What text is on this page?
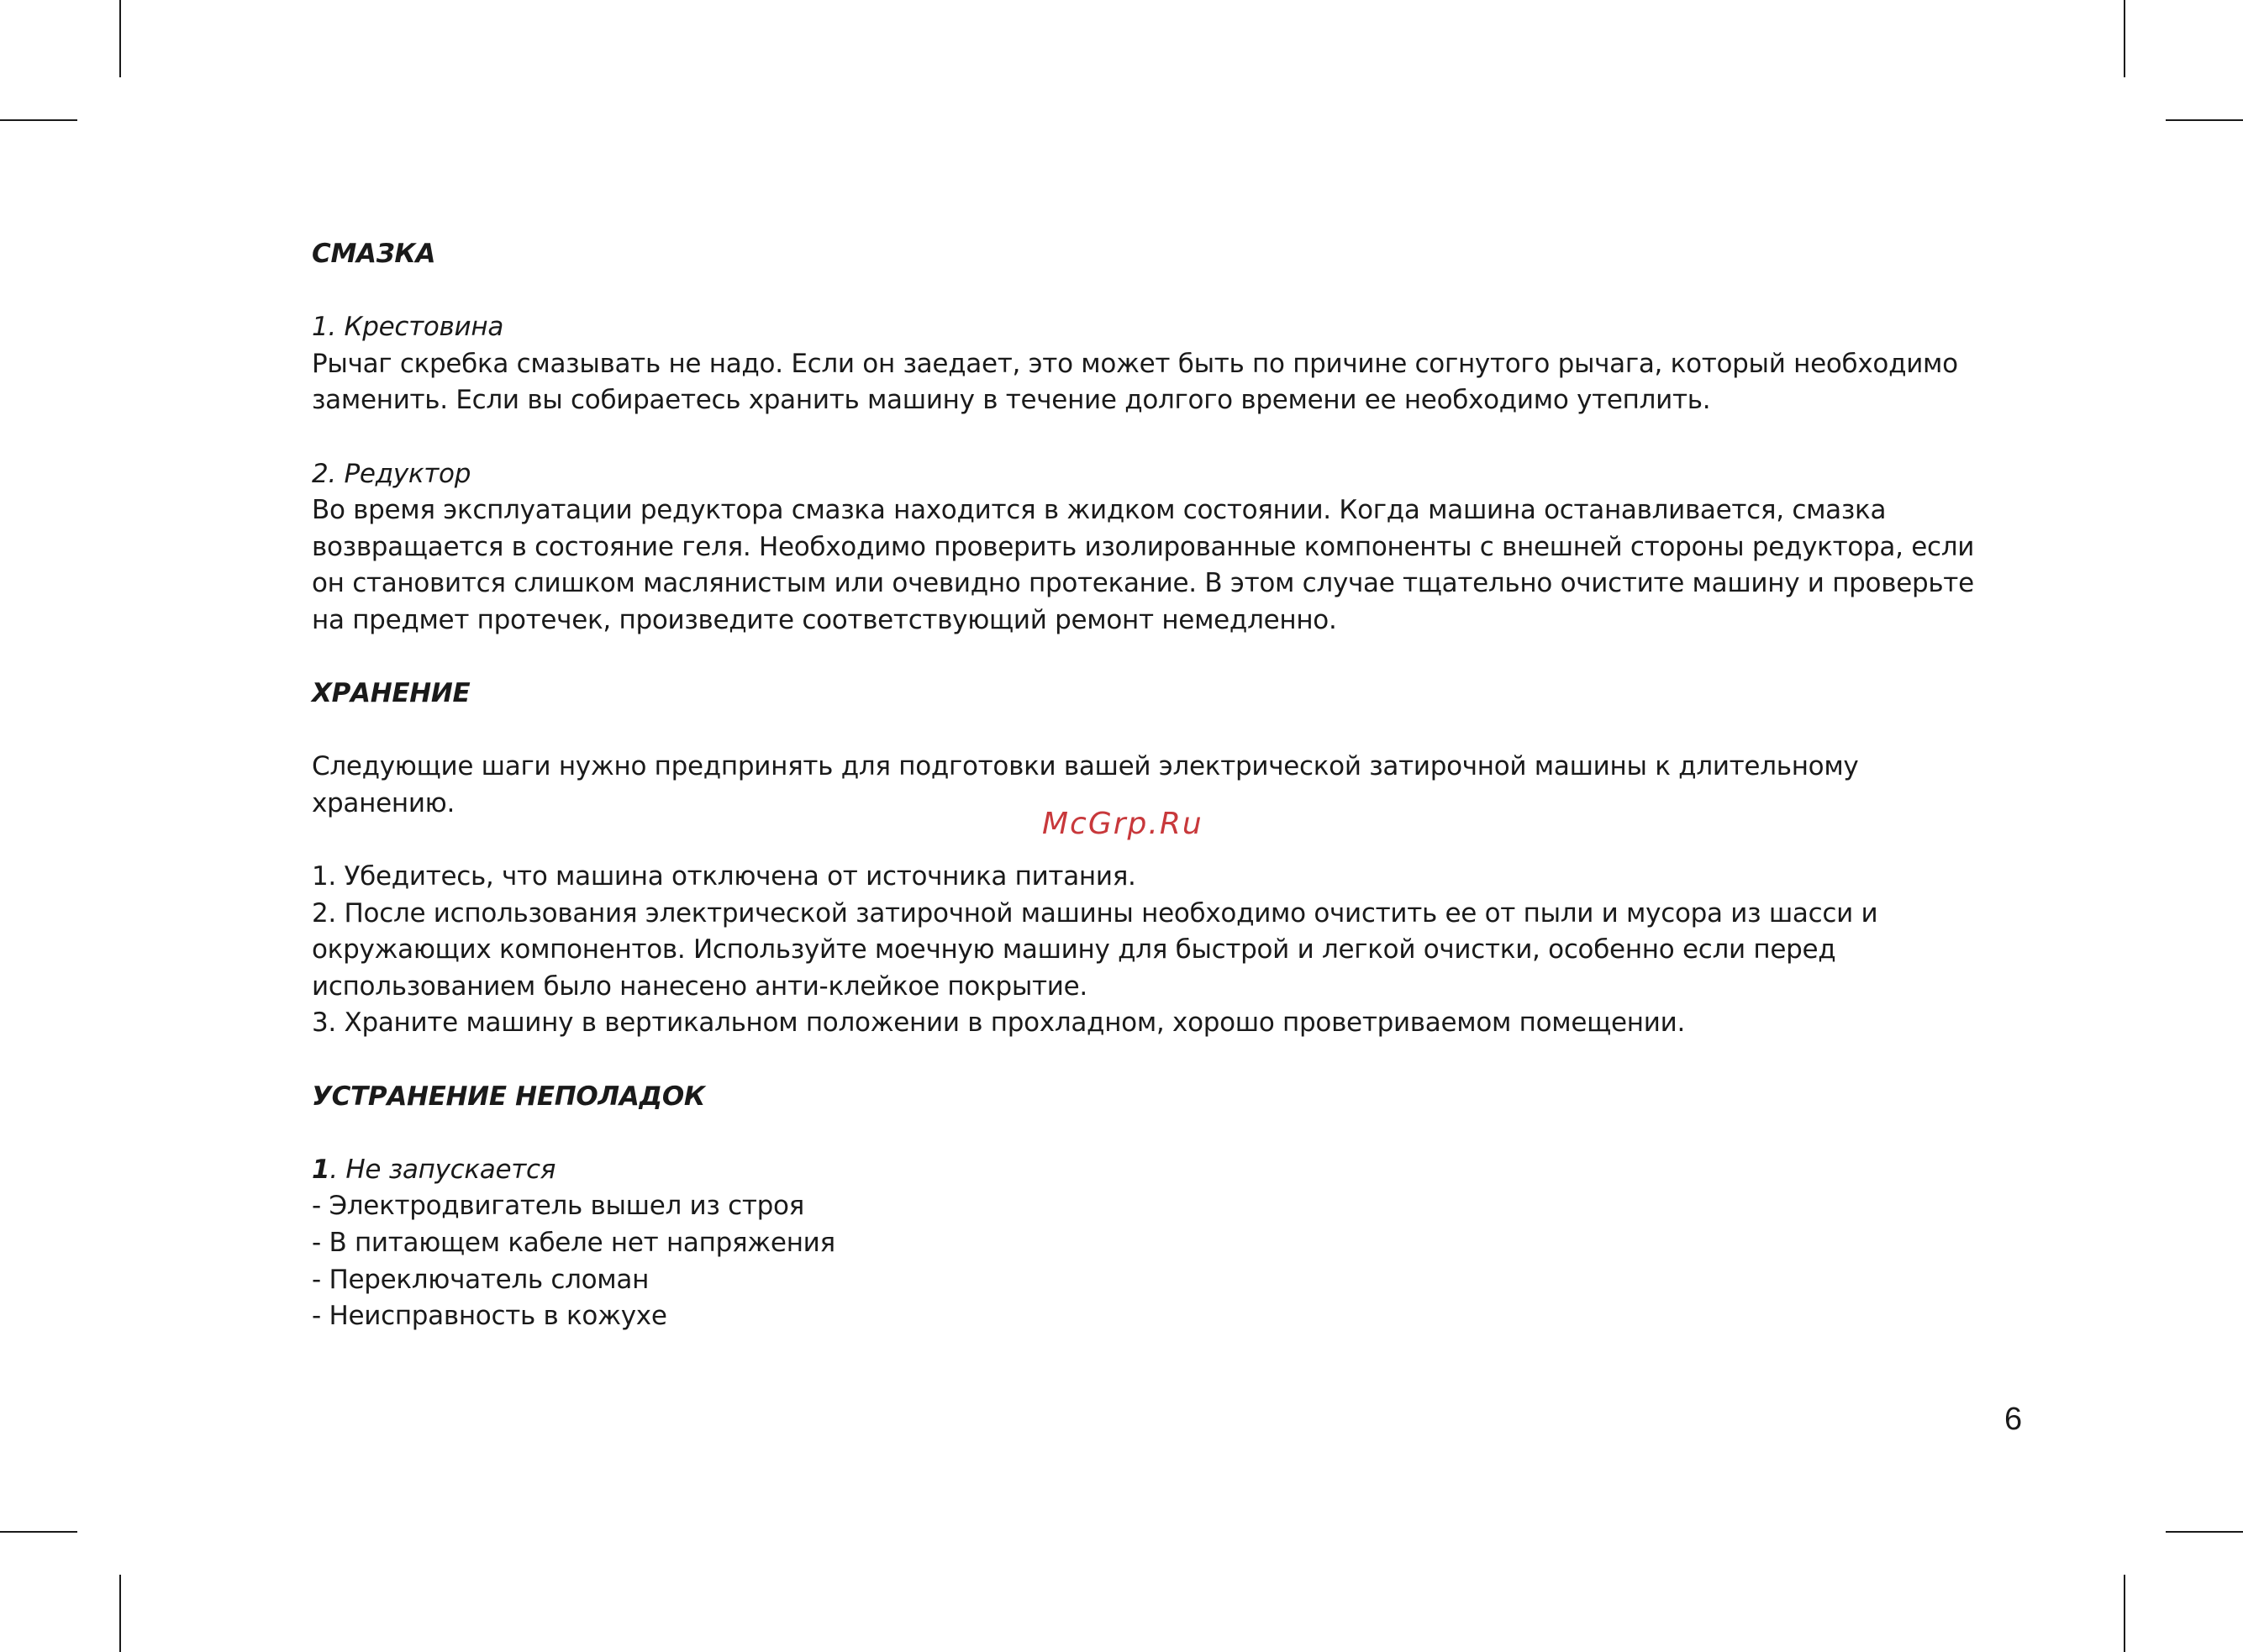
СМАЗКА

1. Крестовина

Рычаг скребка смазывать не надо. Если он заедает, это может быть по причине согнутого рычага, который необходимо

заменить. Если вы собираетесь хранить машину в течение долгого времени ее необходимо утеплить.

2. Редуктор

Во время эксплуатации редуктора смазка находится в жидком состоянии. Когда машина останавливается, смазка

возвращается в состояние геля. Необходимо проверить изолированные компоненты с внешней стороны редуктора, если

он становится слишком маслянистым или очевидно протекание. В этом случае тщательно очистите машину и проверьте

на предмет протечек, произведите соответствующий ремонт немедленно.

ХРАНЕНИЕ

Следующие шаги нужно предпринять для подготовки вашей электрической затирочной машины к длительному

хранению.

1. Убедитесь, что машина отключена от источника питания.

2. После использования электрической затирочной машины необходимо очистить ее от пыли и мусора из шасси и

окружающих компонентов. Используйте моечную машину для быстрой и легкой очистки, особенно если перед

использованием было нанесено анти-клейкое покрытие.

3. Храните машину в вертикальном положении в прохладном, хорошо проветриваемом помещении.

УСТРАНЕНИЕ НЕПОЛАДОК

1. Не запускается

- Электродвигатель вышел из строя

- В питающем кабеле нет напряжения

- Переключатель сломан

- Неисправность в кожухе

McGrp.Ru
6
